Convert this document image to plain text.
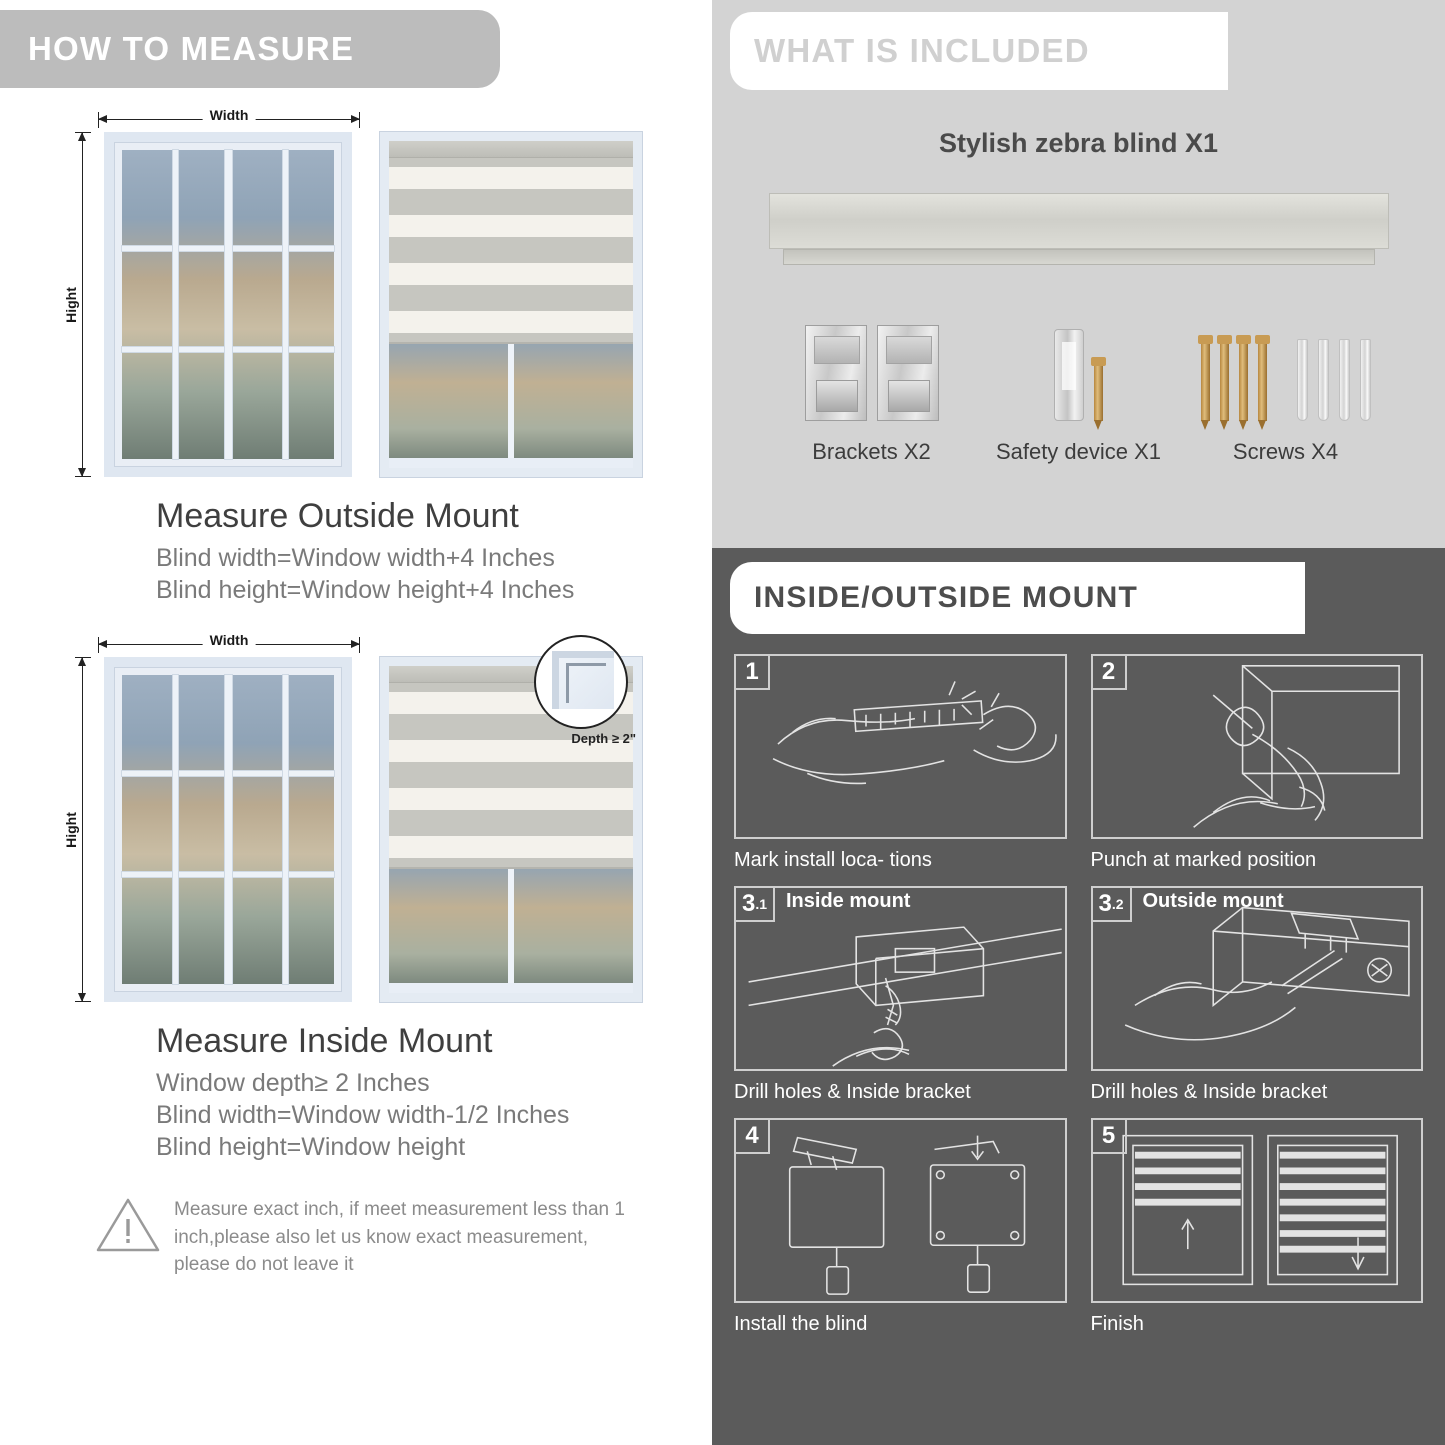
HOW TO MEASURE
Width
Hight
Measure Outside Mount
Blind width=Window width+4 Inches
Blind height=Window height+4 Inches
Width
Hight
Depth ≥ 2"
Measure Inside Mount
Window depth≥ 2 Inches
Blind width=Window width-1/2 Inches
Blind height=Window height

Measure exact inch, if meet measurement less than 1 inch,please also let us know exact measurement, please do not leave it

WHAT IS INCLUDED
Stylish zebra blind X1
Brackets X2	Safety device X1	Screws X4
INSIDE/OUTSIDE MOUNT
1
Mark install loca- tions
2
Punch at marked position
3 .1 Inside mount
Drill holes & Inside bracket
3 .2 Outside mount
Drill holes & Inside bracket
4
Install the blind
5
Finish
